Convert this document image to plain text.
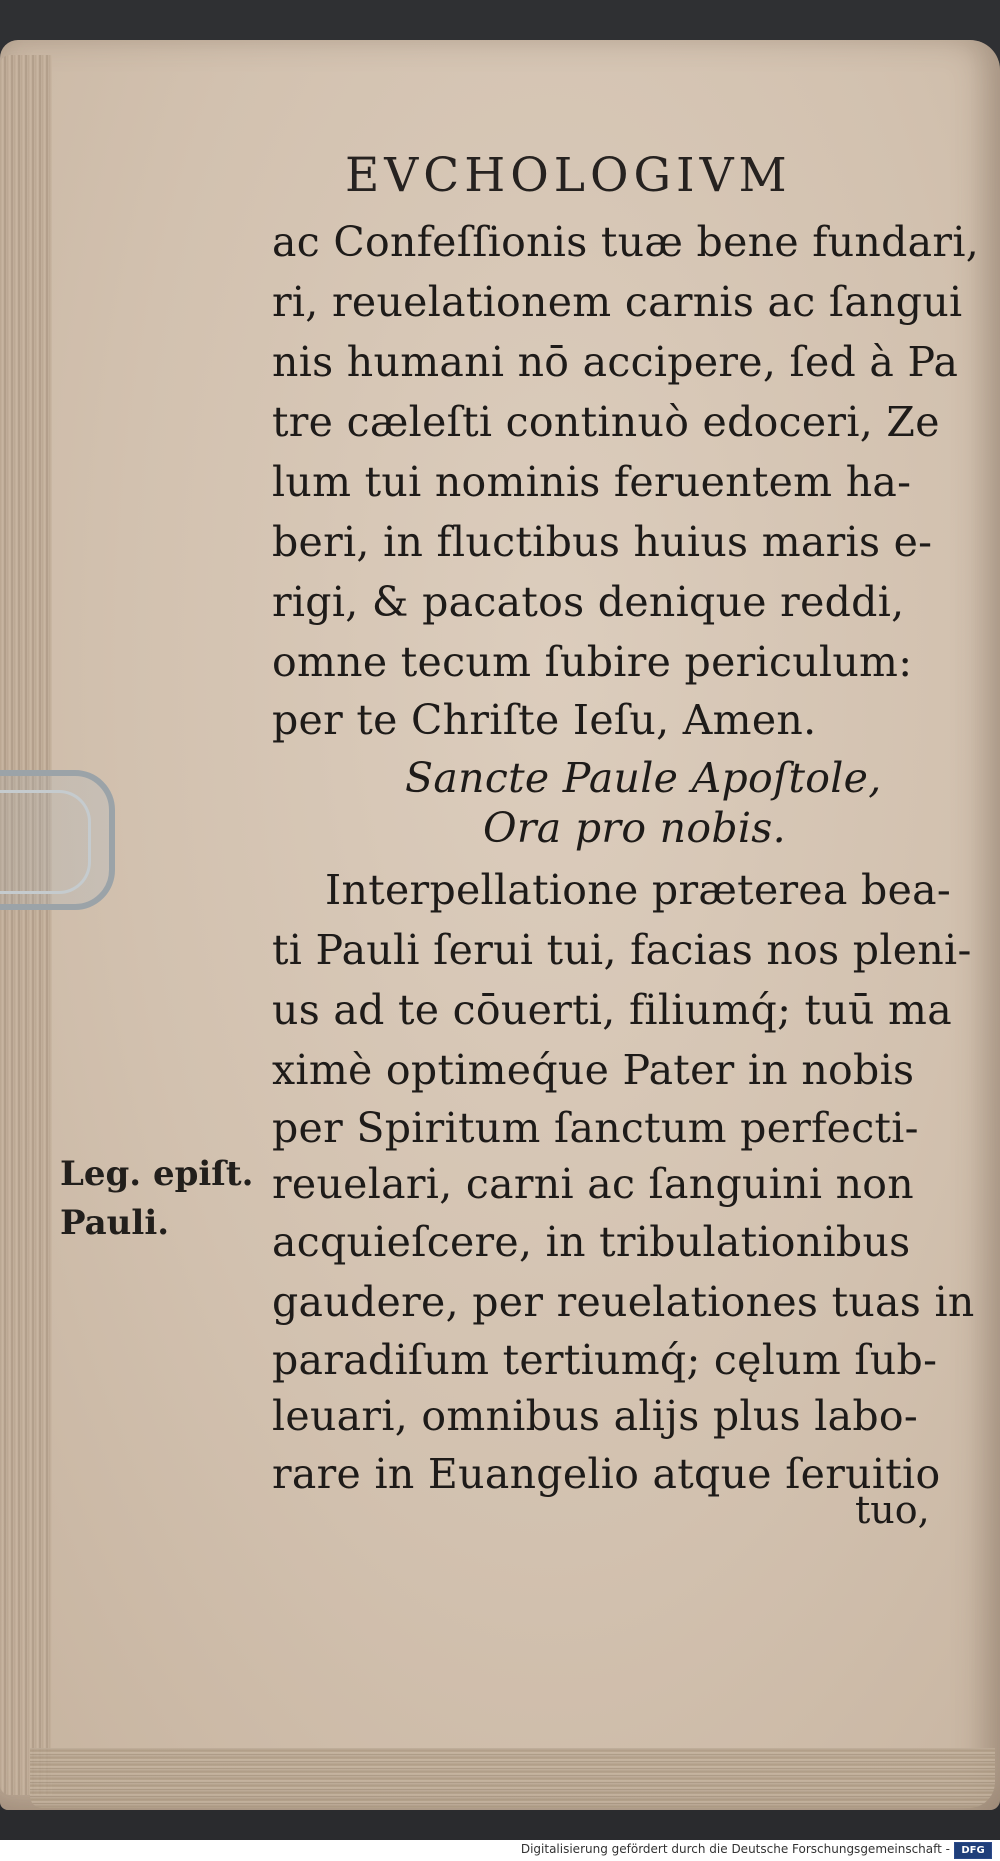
EVCHOLOGIVM
ac Confeſſionis tuæ bene fundari,
ri, reuelationem carnis ac ſangui
nis humani nō accipere, ſed à Pa
tre cæleſti continuò edoceri, Ze
lum tui nominis feruentem ha-
beri, in fluctibus huius maris e-
rigi, & pacatos denique reddi,
omne tecum ſubire periculum:
per te Chriſte Ieſu, Amen.
Sancte Paule Apoſtole,
Ora pro nobis.
Interpellatione præterea bea-
ti Pauli ſerui tui, facias nos pleni-
us ad te cōuerti, filiumq́; tuū ma
ximè optimeq́ue Pater in nobis
per Spiritum ſanctum perfecti-
reuelari, carni ac ſanguini non
acquieſcere, in tribulationibus
gaudere, per reuelationes tuas in
paradiſum tertiumq́; cęlum ſub-
leuari, omnibus alijs plus labo-
rare in Euangelio atque ſeruitio
tuo,
Leg. epiſt.
Pauli.
Digitalisierung gefördert durch die Deutsche Forschungsgemeinschaft -	DFG
